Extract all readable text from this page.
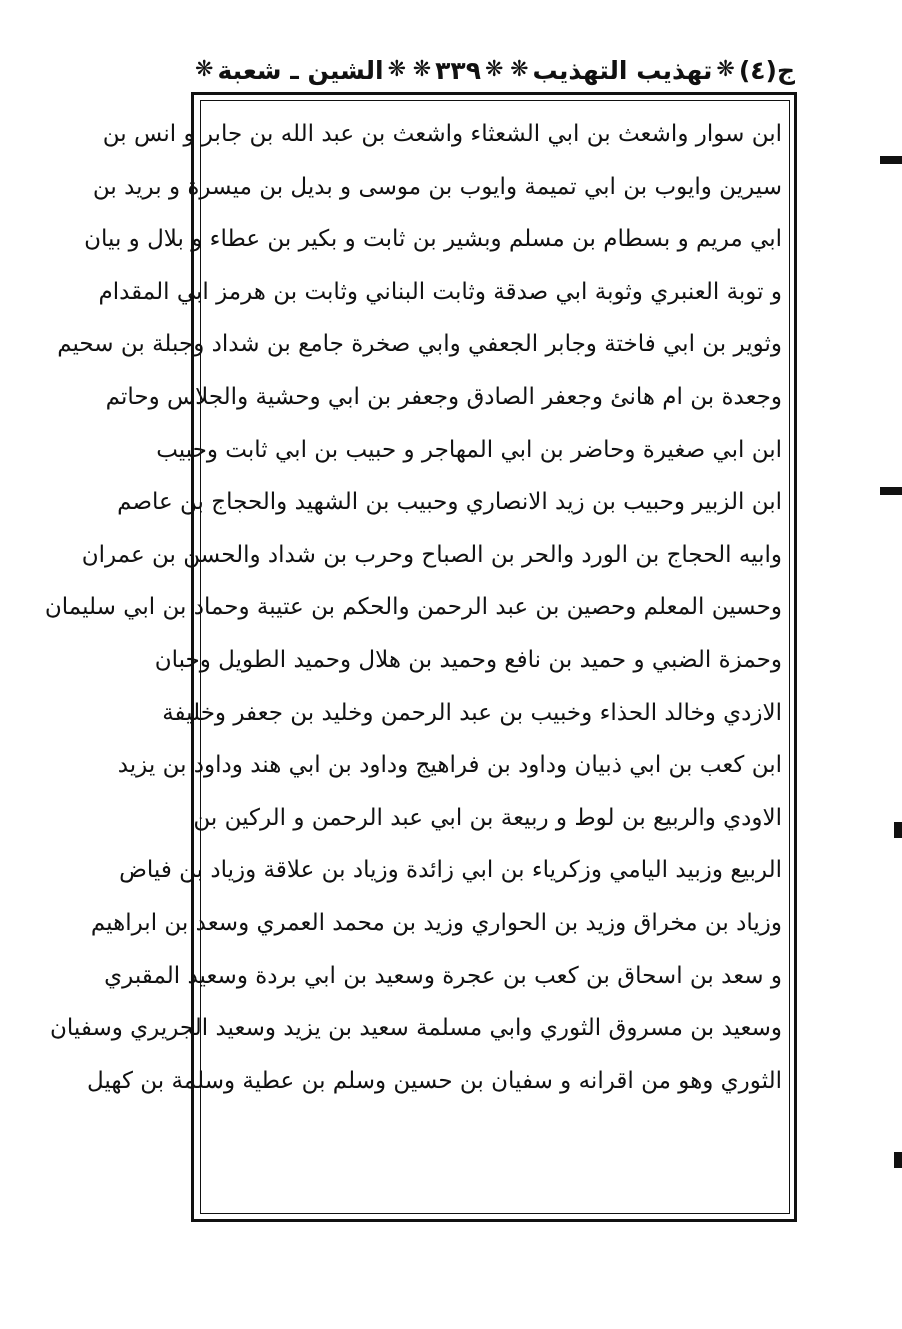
ج(٤)
❋
تهذيب التهذيب
❋
❋
٣٣٩
❋
❋
الشين ـ شعبة
❋
ابن سوار واشعث بن ابي الشعثاء واشعث بن عبد الله بن جابر و انس بن
سيرين وايوب بن ابي تميمة وايوب بن موسى و بديل بن ميسرة و بريد بن
ابي مريم و بسطام بن مسلم وبشير بن ثابت و بكير بن عطاء و بلال و بيان
و توبة العنبري وثوبة ابي صدقة وثابت البناني وثابت بن هرمز ابي المقدام
وثوير بن ابي فاختة وجابر الجعفي وابي صخرة جامع بن شداد وجبلة بن سحيم
وجعدة بن ام هانئ وجعفر الصادق وجعفر بن ابي وحشية والجلاس وحاتم
ابن ابي صغيرة وحاضر بن ابي المهاجر و حبيب بن ابي ثابت وحبيب
ابن الزبير وحبيب بن زيد الانصاري وحبيب بن الشهيد والحجاج بن عاصم
وابيه الحجاج بن الورد والحر بن الصباح وحرب بن شداد والحسن بن عمران
وحسين المعلم وحصين بن عبد الرحمن والحكم بن عتيبة وحماد بن ابي سليمان
وحمزة الضبي و حميد بن نافع وحميد بن هلال وحميد الطويل وحبان
الازدي وخالد الحذاء وخبيب بن عبد الرحمن وخليد بن جعفر وخليفة
ابن كعب بن ابي ذبيان وداود بن فراهيج وداود بن ابي هند وداود بن يزيد
الاودي والربيع بن لوط و ربيعة بن ابي عبد الرحمن و الركين بن
الربيع وزبيد اليامي وزكرياء بن ابي زائدة وزياد بن علاقة وزياد بن فياض
وزياد بن مخراق وزيد بن الحواري وزيد بن محمد العمري وسعد بن ابراهيم
و سعد بن اسحاق بن كعب بن عجرة وسعيد بن ابي بردة وسعيد المقبري
وسعيد بن مسروق الثوري وابي مسلمة سعيد بن يزيد وسعيد الجريري وسفيان
الثوري وهو من اقرانه و سفيان بن حسين وسلم بن عطية وسلمة بن كهيل
